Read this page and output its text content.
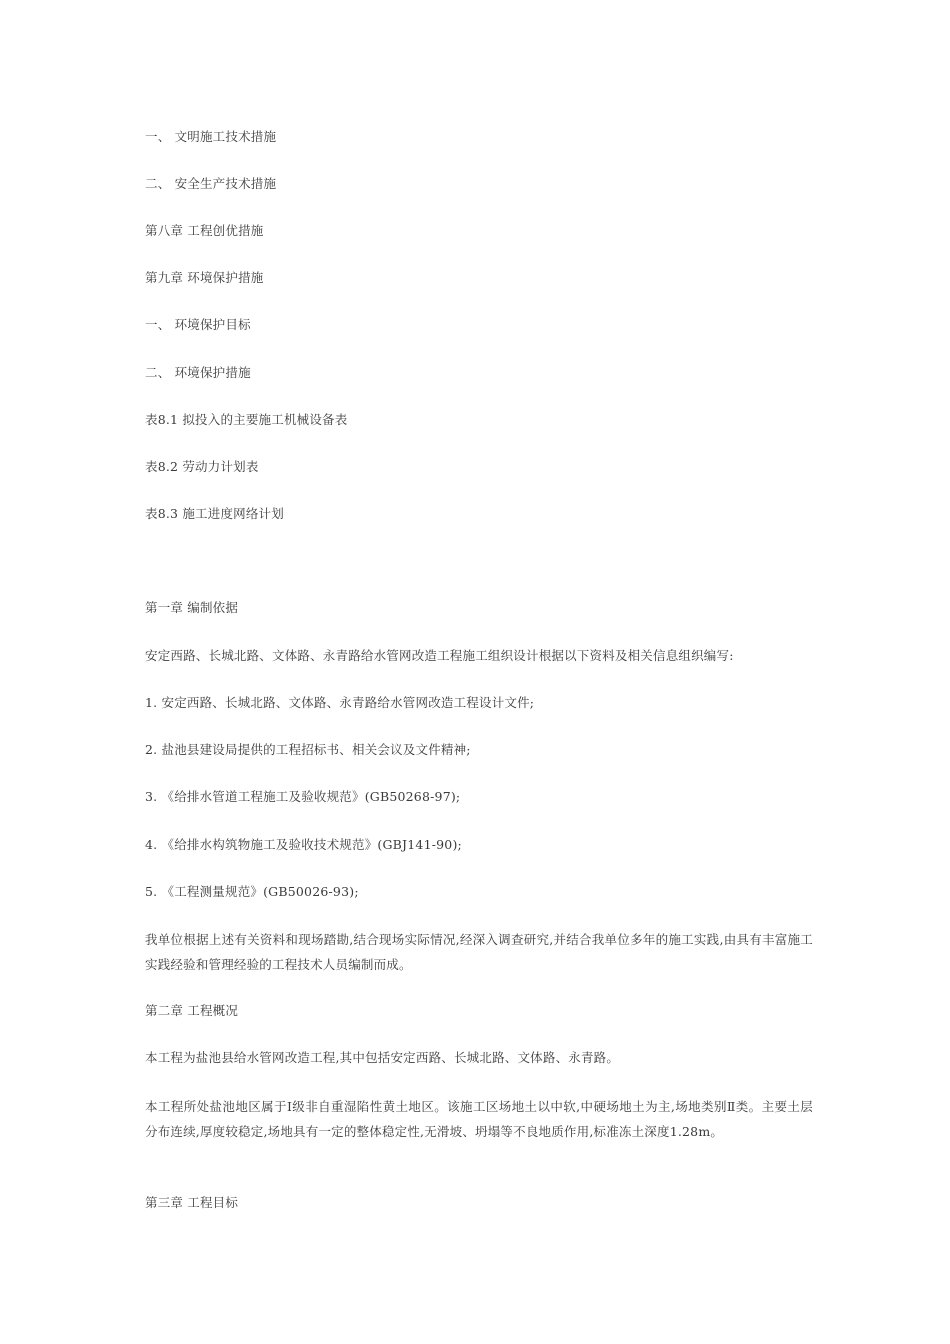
一、 文明施工技术措施
二、 安全生产技术措施
第八章 工程创优措施
第九章 环境保护措施
一、 环境保护目标
二、 环境保护措施
表8.1 拟投入的主要施工机械设备表
表8.2 劳动力计划表
表8.3 施工进度网络计划
第一章 编制依据
安定西路、长城北路、文体路、永青路给水管网改造工程施工组织设计根据以下资料及相关信息组织编写:
1. 安定西路、长城北路、文体路、永青路给水管网改造工程设计文件;
2. 盐池县建设局提供的工程招标书、相关会议及文件精神;
3. 《给排水管道工程施工及验收规范》(GB50268-97);
4. 《给排水构筑物施工及验收技术规范》(GBJ141-90);
5. 《工程测量规范》(GB50026-93);
我单位根据上述有关资料和现场踏勘,结合现场实际情况,经深入调查研究,并结合我单位多年的施工实践,由具有丰富施工实践经验和管理经验的工程技术人员编制而成。
第二章 工程概况
本工程为盐池县给水管网改造工程,其中包括安定西路、长城北路、文体路、永青路。
本工程所处盐池地区属于Ⅰ级非自重湿陷性黄土地区。该施工区场地土以中软,中硬场地土为主,场地类别Ⅱ类。主要土层分布连续,厚度较稳定,场地具有一定的整体稳定性,无滑坡、坍塌等不良地质作用,标准冻土深度1.28m。
第三章 工程目标
